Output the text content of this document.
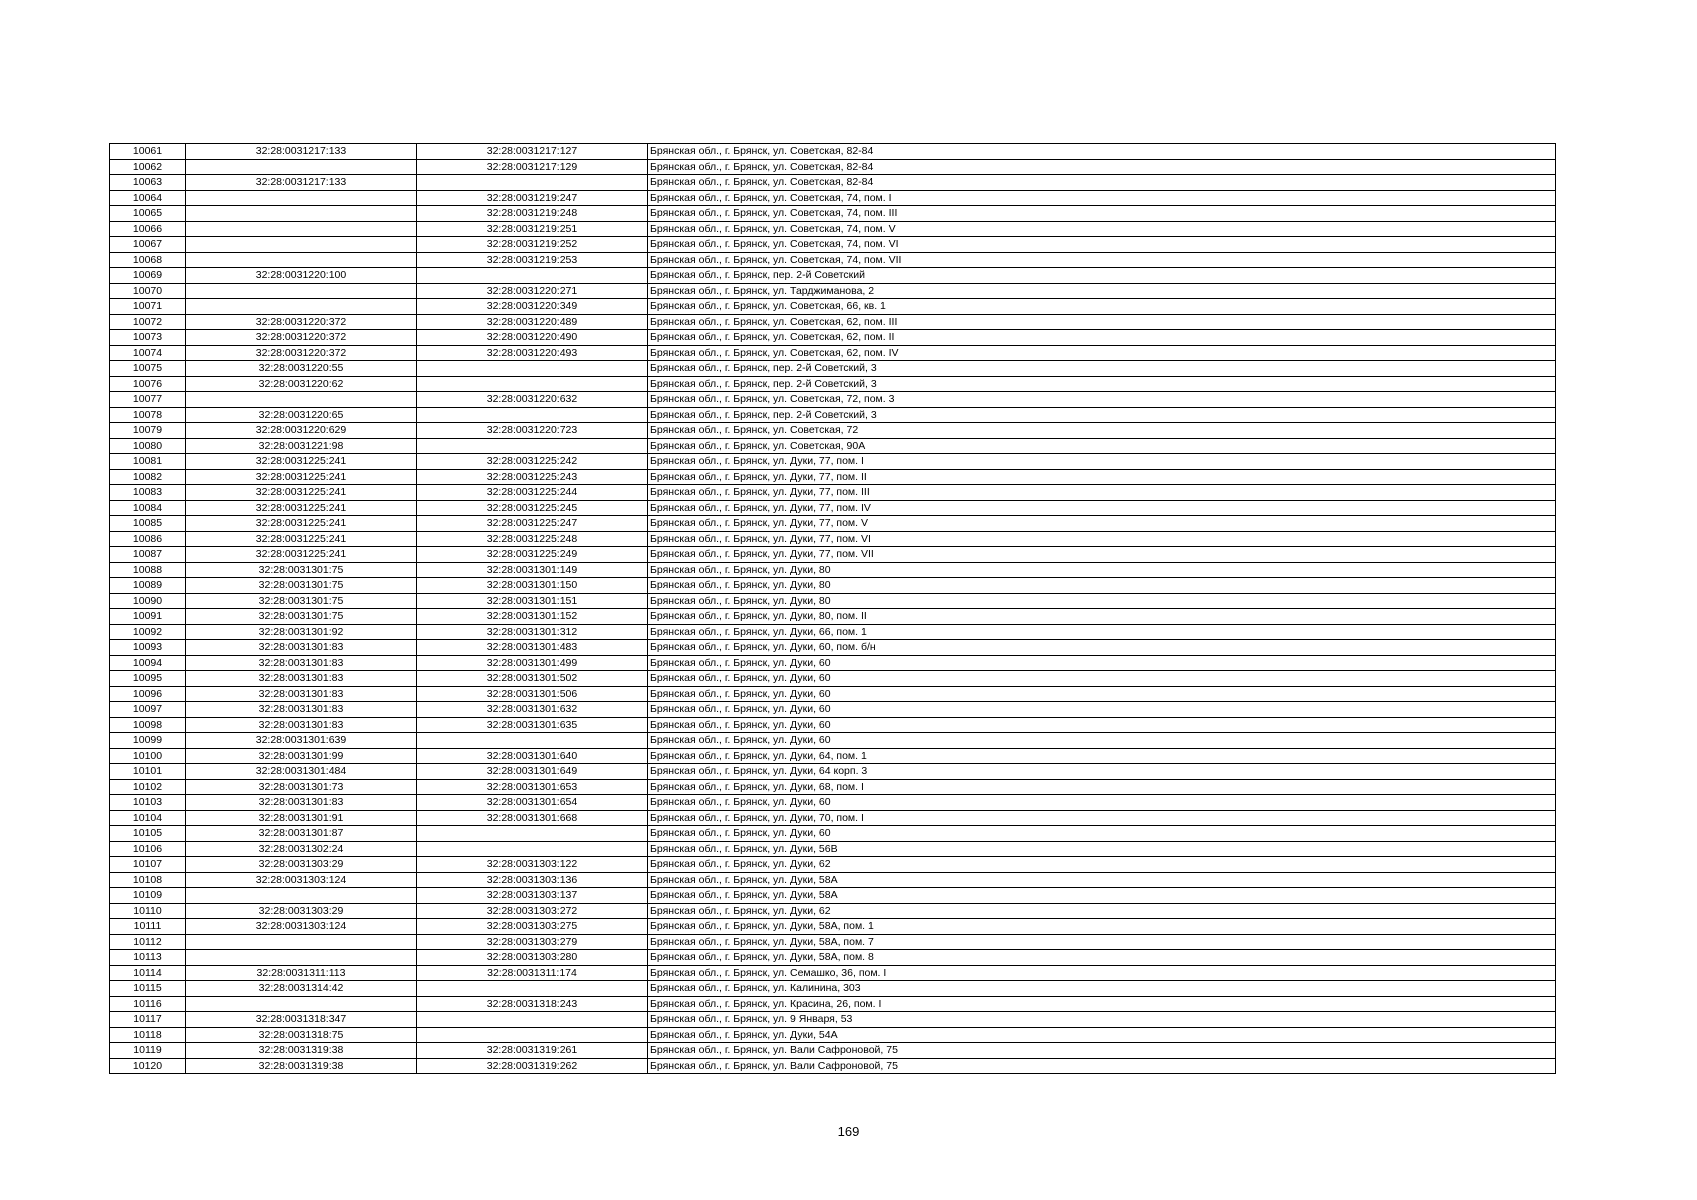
10061	32:28:0031217:133	32:28:0031217:127	Брянская обл., г. Брянск, ул. Советская, 82-84
10062		32:28:0031217:129	Брянская обл., г. Брянск, ул. Советская, 82-84
10063	32:28:0031217:133		Брянская обл., г. Брянск, ул. Советская, 82-84
10064		32:28:0031219:247	Брянская обл., г. Брянск, ул. Советская, 74, пом. I
10065		32:28:0031219:248	Брянская обл., г. Брянск, ул. Советская, 74, пом. III
10066		32:28:0031219:251	Брянская обл., г. Брянск, ул. Советская, 74, пом. V
10067		32:28:0031219:252	Брянская обл., г. Брянск, ул. Советская, 74, пом. VI
10068		32:28:0031219:253	Брянская обл., г. Брянск, ул. Советская, 74, пом. VII
10069	32:28:0031220:100		Брянская обл., г. Брянск, пер. 2-й Советский
10070		32:28:0031220:271	Брянская обл., г. Брянск, ул. Тарджиманова, 2
10071		32:28:0031220:349	Брянская обл., г. Брянск, ул. Советская, 66, кв. 1
10072	32:28:0031220:372	32:28:0031220:489	Брянская обл., г. Брянск, ул. Советская, 62, пом. III
10073	32:28:0031220:372	32:28:0031220:490	Брянская обл., г. Брянск, ул. Советская, 62, пом. II
10074	32:28:0031220:372	32:28:0031220:493	Брянская обл., г. Брянск, ул. Советская, 62, пом. IV
10075	32:28:0031220:55		Брянская обл., г. Брянск, пер. 2-й Советский, 3
10076	32:28:0031220:62		Брянская обл., г. Брянск, пер. 2-й Советский, 3
10077		32:28:0031220:632	Брянская обл., г. Брянск, ул. Советская, 72, пом. 3
10078	32:28:0031220:65		Брянская обл., г. Брянск, пер. 2-й Советский, 3
10079	32:28:0031220:629	32:28:0031220:723	Брянская обл., г. Брянск, ул. Советская, 72
10080	32:28:0031221:98		Брянская обл., г. Брянск, ул. Советская, 90А
10081	32:28:0031225:241	32:28:0031225:242	Брянская обл., г. Брянск, ул. Дуки, 77, пом. I
10082	32:28:0031225:241	32:28:0031225:243	Брянская обл., г. Брянск, ул. Дуки, 77, пом. II
10083	32:28:0031225:241	32:28:0031225:244	Брянская обл., г. Брянск, ул. Дуки, 77, пом. III
10084	32:28:0031225:241	32:28:0031225:245	Брянская обл., г. Брянск, ул. Дуки, 77, пом. IV
10085	32:28:0031225:241	32:28:0031225:247	Брянская обл., г. Брянск, ул. Дуки, 77, пом. V
10086	32:28:0031225:241	32:28:0031225:248	Брянская обл., г. Брянск, ул. Дуки, 77, пом. VI
10087	32:28:0031225:241	32:28:0031225:249	Брянская обл., г. Брянск, ул. Дуки, 77, пом. VII
10088	32:28:0031301:75	32:28:0031301:149	Брянская обл., г. Брянск, ул. Дуки, 80
10089	32:28:0031301:75	32:28:0031301:150	Брянская обл., г. Брянск, ул. Дуки, 80
10090	32:28:0031301:75	32:28:0031301:151	Брянская обл., г. Брянск, ул. Дуки, 80
10091	32:28:0031301:75	32:28:0031301:152	Брянская обл., г. Брянск, ул. Дуки, 80, пом. II
10092	32:28:0031301:92	32:28:0031301:312	Брянская обл., г. Брянск, ул. Дуки, 66, пом. 1
10093	32:28:0031301:83	32:28:0031301:483	Брянская обл., г. Брянск, ул. Дуки, 60, пом. б/н
10094	32:28:0031301:83	32:28:0031301:499	Брянская обл., г. Брянск, ул. Дуки, 60
10095	32:28:0031301:83	32:28:0031301:502	Брянская обл., г. Брянск, ул. Дуки, 60
10096	32:28:0031301:83	32:28:0031301:506	Брянская обл., г. Брянск, ул. Дуки, 60
10097	32:28:0031301:83	32:28:0031301:632	Брянская обл., г. Брянск, ул. Дуки, 60
10098	32:28:0031301:83	32:28:0031301:635	Брянская обл., г. Брянск, ул. Дуки, 60
10099	32:28:0031301:639		Брянская обл., г. Брянск, ул. Дуки, 60
10100	32:28:0031301:99	32:28:0031301:640	Брянская обл., г. Брянск, ул. Дуки, 64, пом. 1
10101	32:28:0031301:484	32:28:0031301:649	Брянская обл., г. Брянск, ул. Дуки, 64 корп. 3
10102	32:28:0031301:73	32:28:0031301:653	Брянская обл., г. Брянск, ул. Дуки, 68, пом. I
10103	32:28:0031301:83	32:28:0031301:654	Брянская обл., г. Брянск, ул. Дуки, 60
10104	32:28:0031301:91	32:28:0031301:668	Брянская обл., г. Брянск, ул. Дуки, 70, пом. I
10105	32:28:0031301:87		Брянская обл., г. Брянск, ул. Дуки, 60
10106	32:28:0031302:24		Брянская обл., г. Брянск, ул. Дуки, 56В
10107	32:28:0031303:29	32:28:0031303:122	Брянская обл., г. Брянск, ул. Дуки, 62
10108	32:28:0031303:124	32:28:0031303:136	Брянская обл., г. Брянск, ул. Дуки, 58А
10109		32:28:0031303:137	Брянская обл., г. Брянск, ул. Дуки, 58А
10110	32:28:0031303:29	32:28:0031303:272	Брянская обл., г. Брянск, ул. Дуки, 62
10111	32:28:0031303:124	32:28:0031303:275	Брянская обл., г. Брянск, ул. Дуки, 58А, пом. 1
10112		32:28:0031303:279	Брянская обл., г. Брянск, ул. Дуки, 58А, пом. 7
10113		32:28:0031303:280	Брянская обл., г. Брянск, ул. Дуки, 58А, пом. 8
10114	32:28:0031311:113	32:28:0031311:174	Брянская обл., г. Брянск, ул. Семашко, 36, пом. I
10115	32:28:0031314:42		Брянская обл., г. Брянск, ул. Калинина, 303
10116		32:28:0031318:243	Брянская обл., г. Брянск, ул. Красина, 26, пом. I
10117	32:28:0031318:347		Брянская обл., г. Брянск, ул. 9 Января, 53
10118	32:28:0031318:75		Брянская обл., г. Брянск, ул. Дуки, 54А
10119	32:28:0031319:38	32:28:0031319:261	Брянская обл., г. Брянск, ул. Вали Сафроновой, 75
10120	32:28:0031319:38	32:28:0031319:262	Брянская обл., г. Брянск, ул. Вали Сафроновой, 75
169
